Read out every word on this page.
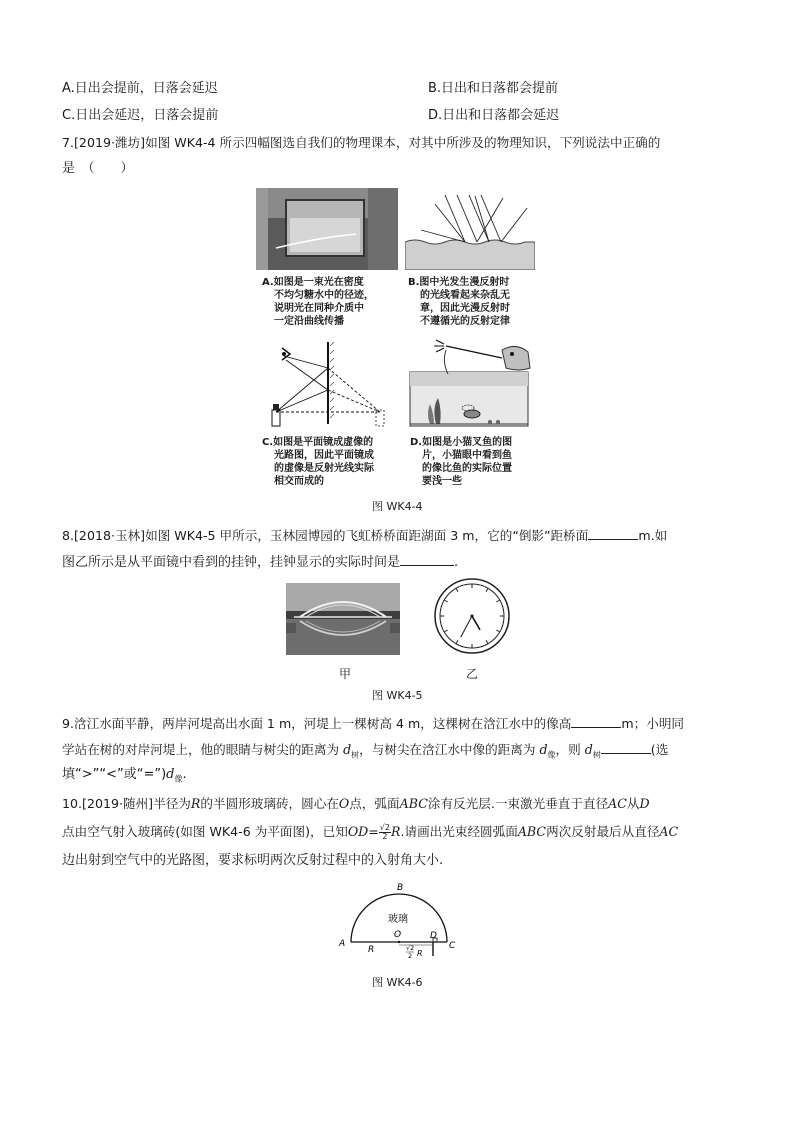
A.日出会提前，日落会延迟	B.日出和日落都会提前
C.日出会延迟，日落会提前	D.日出和日落都会延迟
7.[2019·潍坊]如图 WK4-4 所示四幅图选自我们的物理课本，对其中所涉及的物理知识，下列说法中正确的
是　（　　）
A.如图是一束光在密度
不均匀糖水中的径迹，
说明光在同种介质中
一定沿曲线传播
B.图中光发生漫反射时
的光线看起来杂乱无
章，因此光漫反射时
不遵循光的反射定律
C.如图是平面镜成虚像的
光路图，因此平面镜成
的虚像是反射光线实际
相交而成的
D.如图是小猫叉鱼的图
片，小猫眼中看到鱼
的像比鱼的实际位置
要浅一些
图 WK4-4
8.[2018·玉林]如图 WK4-5 甲所示，玉林园博园的飞虹桥桥面距湖面 3 m，它的“倒影”距桥面	m.如
图乙所示是从平面镜中看到的挂钟，挂钟显示的实际时间是	.
甲	乙
图 WK4-5
9.浛江水面平静，两岸河堤高出水面 1 m，河堤上一棵树高 4 m，这棵树在浛江水中的像高	m；小明同
学站在树的对岸河堤上，他的眼睛与树尖的距离为 $d_树$，与树尖在浛江水中像的距离为 $d_像$，则 $d_树$	(选
填“>”“<”或“$=”)d_像$.
10.[2019·随州]半径为R的半圆形玻璃砖，圆心在O点，弧面ABC涂有反光层.一束激光垂直于直径AC从D
点由空气射入玻璃砖(如图 WK4-6 为平面图)，已知$OD= \frac{√2}{2} R$.请画出光束经圆弧面ABC两次反射最后从直径AC
边出射到空气中的光路图，要求标明两次反射过程中的入射角大小.
B
A	C
O	D
玻璃
R	√2
2 R
图 WK4-6
